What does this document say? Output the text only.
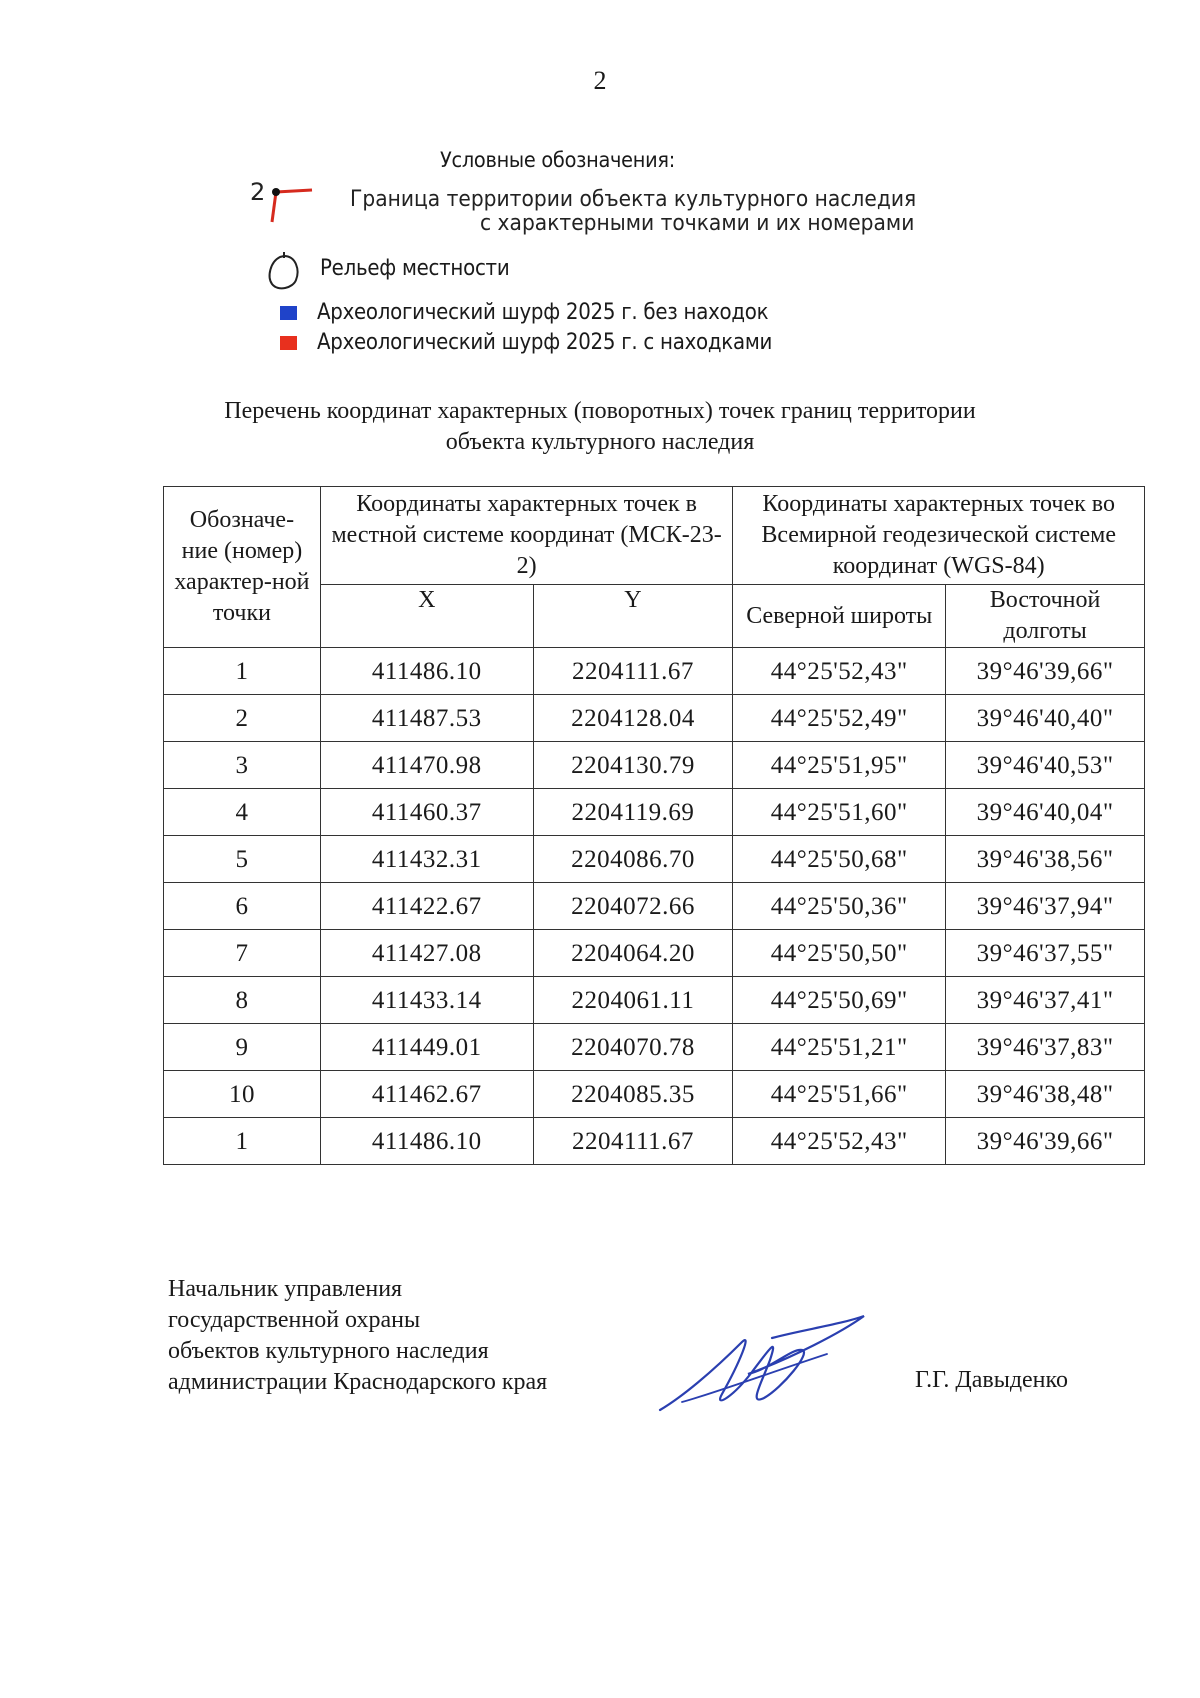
2
Условные обозначения:
2	Граница территории объекта культурного наследия
с характерными точками и их номерами
Рельеф местности
Археологический шурф 2025 г. без находок
Археологический шурф 2025 г. с находками
Перечень координат характерных (поворотных) точек границ территории
объекта культурного наследия
Обозначе-ние (номер) характер-ной точки	Координаты характерных точек в местной системе координат (МСК-23-2)		Координаты характерных точек во Всемирной геодезической системе координат (WGS-84)	
	X	Y	Северной широты	Восточной долготы
1	411486.10	2204111.67	44°25'52,43"	39°46'39,66"
2	411487.53	2204128.04	44°25'52,49"	39°46'40,40"
3	411470.98	2204130.79	44°25'51,95"	39°46'40,53"
4	411460.37	2204119.69	44°25'51,60"	39°46'40,04"
5	411432.31	2204086.70	44°25'50,68"	39°46'38,56"
6	411422.67	2204072.66	44°25'50,36"	39°46'37,94"
7	411427.08	2204064.20	44°25'50,50"	39°46'37,55"
8	411433.14	2204061.11	44°25'50,69"	39°46'37,41"
9	411449.01	2204070.78	44°25'51,21"	39°46'37,83"
10	411462.67	2204085.35	44°25'51,66"	39°46'38,48"
1	411486.10	2204111.67	44°25'52,43"	39°46'39,66"
Начальник управления
государственной охраны
объектов культурного наследия
администрации Краснодарского края	Г.Г. Давыденко
